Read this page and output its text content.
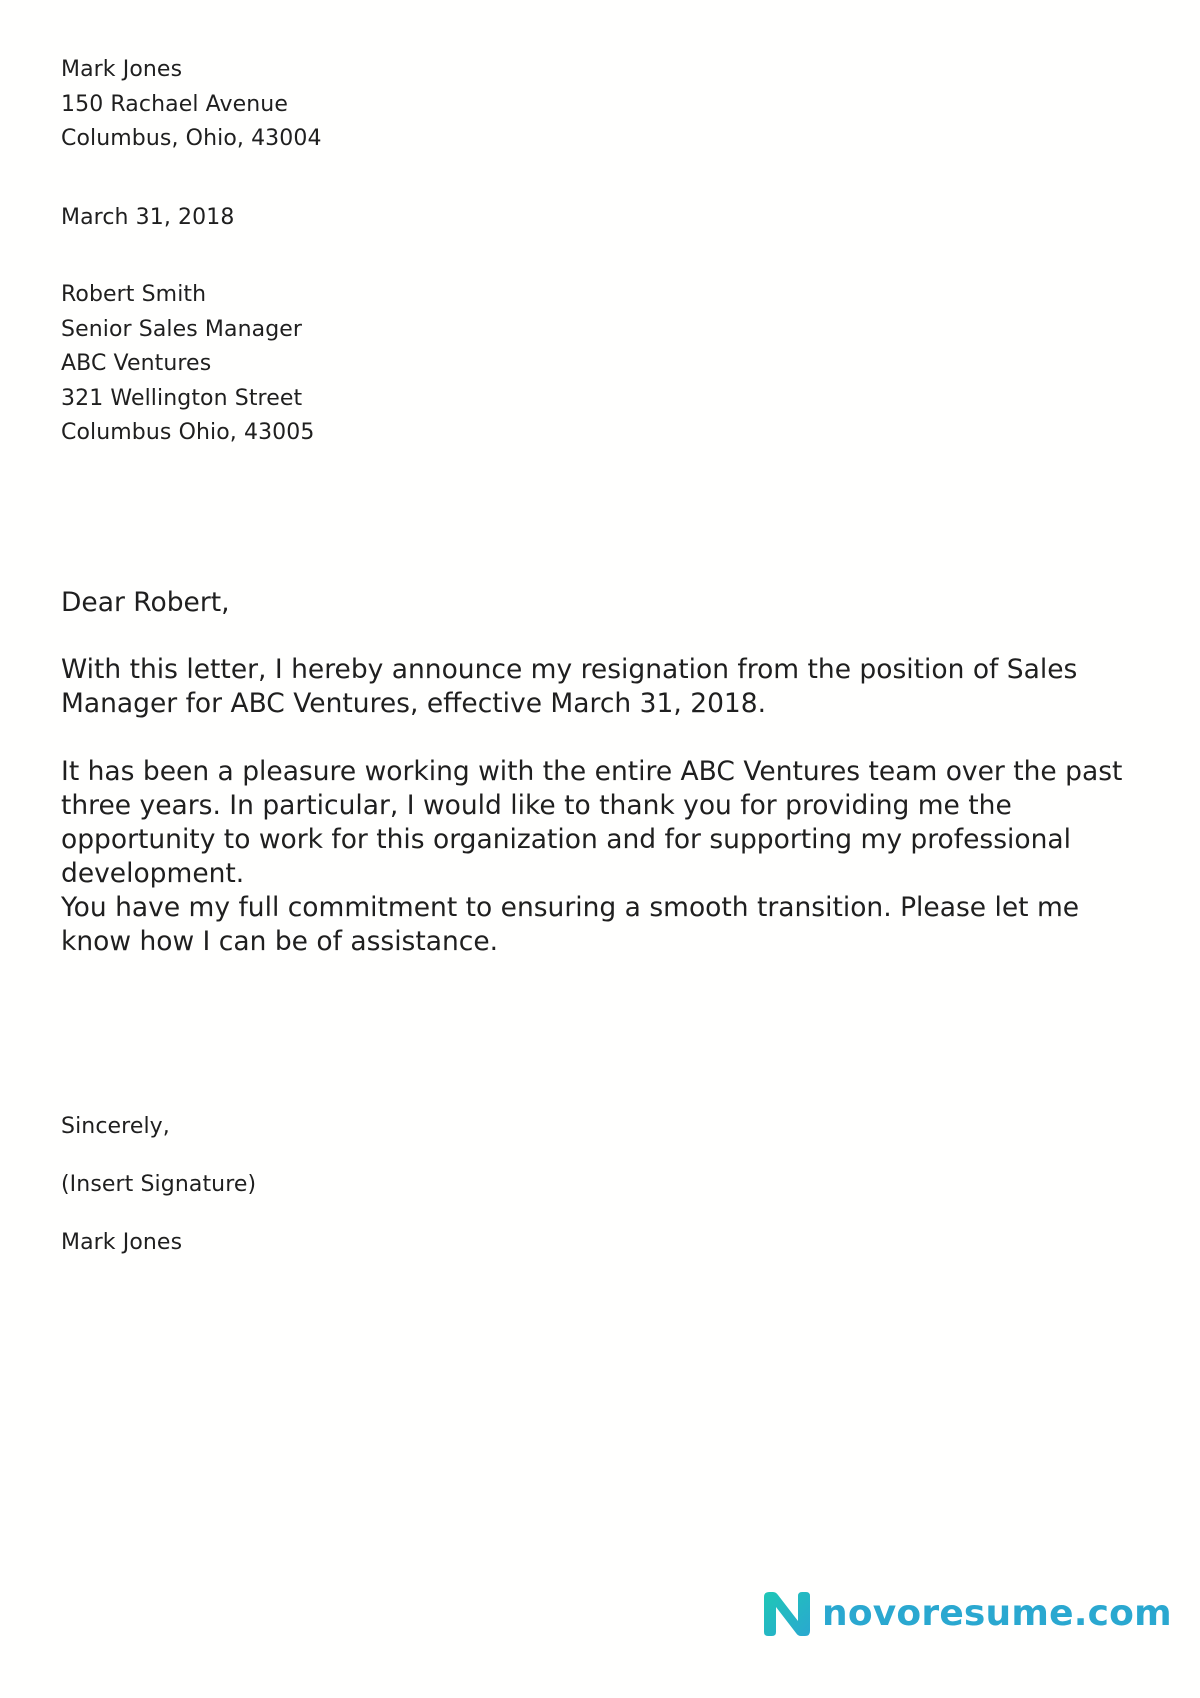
Mark Jones
150 Rachael Avenue
Columbus, Ohio, 43004
March 31, 2018
Robert Smith
Senior Sales Manager
ABC Ventures
321 Wellington Street
Columbus Ohio, 43005
Dear Robert,
With this letter, I hereby announce my resignation from the position of Sales Manager for ABC Ventures, effective March 31, 2018.
It has been a pleasure working with the entire ABC Ventures team over the past three years. In particular, I would like to thank you for providing me the opportunity to work for this organization and for supporting my professional development.
You have my full commitment to ensuring a smooth transition. Please let me know how I can be of assistance.
Sincerely,
(Insert Signature)
Mark Jones
novoresume.com
